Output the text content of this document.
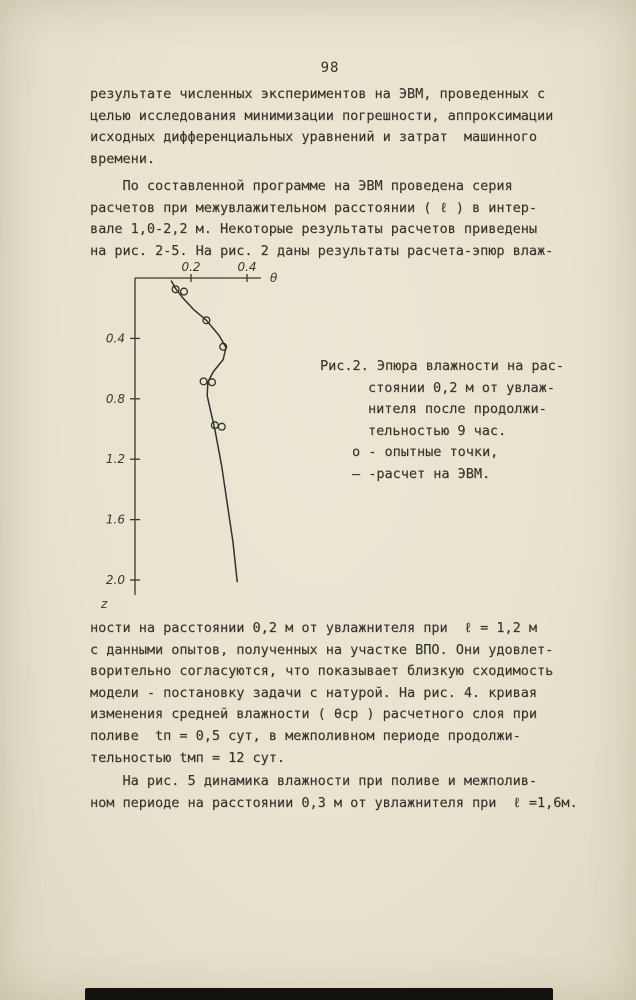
98
результате численных экспериментов на ЭВМ, проведенных с
целью исследования минимизации погрешности, аппроксимации
исходных дифференциальных уравнений и затрат  машинного
времени.
По составленной программе на ЭВМ проведена серия
расчетов при межувлажительном расстоянии ( ℓ ) в интер-
вале 1,0-2,2 м. Некоторые результаты расчетов приведены
на рис. 2-5. На рис. 2 даны результаты расчета-эпюр влаж-
0.2	0.4
θ
0.4
0.8
1.2
1.6
2.0
z
Рис.2. Эпюра влажности на рас-
стоянии 0,2 м от увлаж-
нителя после продолжи-
тельностью 9 час.
о - опытные точки,
— -расчет на ЭВМ.
ности на расстоянии 0,2 м от увлажнителя при  ℓ = 1,2 м
с данными опытов, полученных на участке ВПО. Они удовлет-
ворительно согласуются, что показывает близкую сходимость
модели - постановку задачи с натурой. На рис. 4. кривая
изменения средней влажности ( θср ) расчетного слоя при
поливе  tп = 0,5 сут, в межполивном периоде продолжи-
тельностью tмп = 12 сут.
На рис. 5 динамика влажности при поливе и межполив-
ном периоде на расстоянии 0,3 м от увлажнителя при  ℓ =1,6м.
